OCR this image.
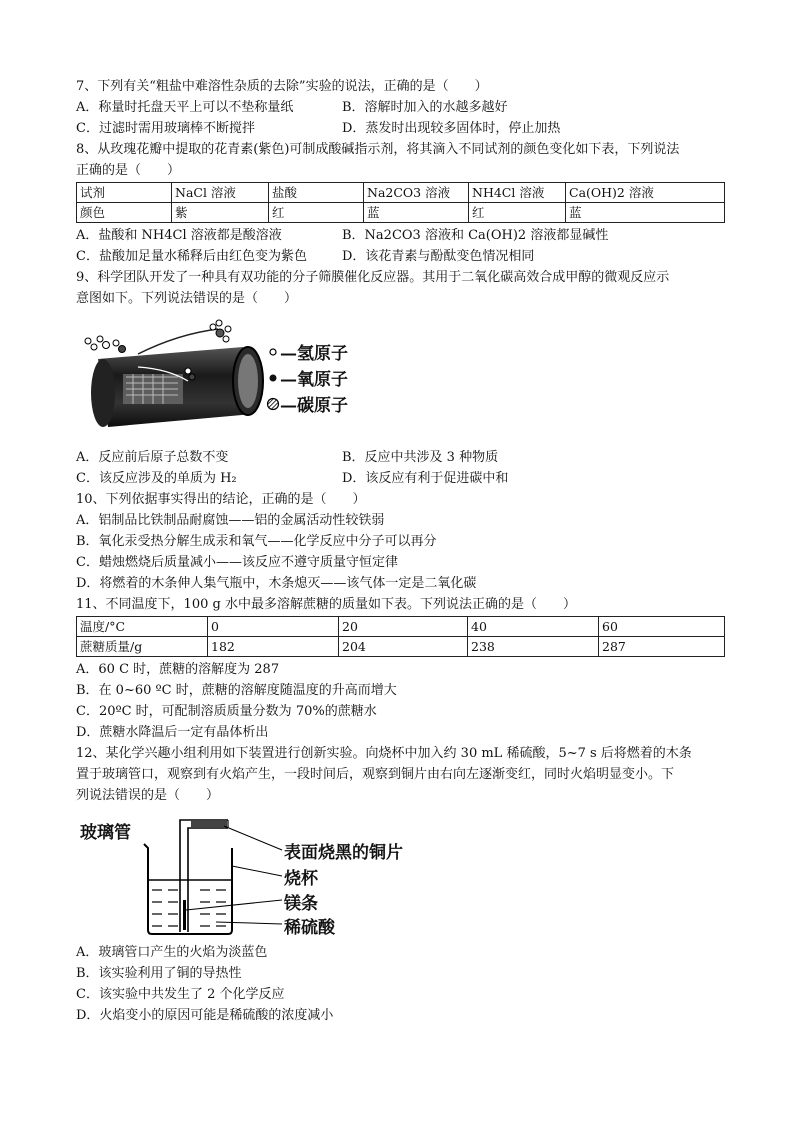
7、下列有关“粗盐中难溶性杂质的去除”实验的说法，正确的是（　　）
A．称量时托盘天平上可以不垫称量纸	B．溶解时加入的水越多越好
C．过滤时需用玻璃棒不断搅拌	D．蒸发时出现较多固体时，停止加热
8、从玫瑰花瓣中提取的花青素(紫色)可制成酸碱指示剂，将其滴入不同试剂的颜色变化如下表，下列说法
正确的是（　　）
试剂	NaCl 溶液	盐酸	Na2CO3 溶液	NH4Cl 溶液	Ca(OH)2 溶液
颜色	紫	红	蓝	红	蓝
A．盐酸和 NH4Cl 溶液都是酸溶液	B．Na2CO3 溶液和 Ca(OH)2 溶液都显碱性
C．盐酸加足量水稀释后由红色变为紫色	D．该花青素与酚酞变色情况相同
9、科学团队开发了一种具有双功能的分子筛膜催化反应器。其用于二氧化碳高效合成甲醇的微观反应示
意图如下。下列说法错误的是（　　）
—氢原子
—氧原子
—碳原子
A．反应前后原子总数不变	B．反应中共涉及 3 种物质
C．该反应涉及的单质为 H₂	D．该反应有利于促进碳中和
10、下列依据事实得出的结论，正确的是（　　）
A．铝制品比铁制品耐腐蚀——铝的金属活动性较铁弱
B．氧化汞受热分解生成汞和氧气——化学反应中分子可以再分
C．蜡烛燃烧后质量减小——该反应不遵守质量守恒定律
D．将燃着的木条伸人集气瓶中，木条熄灭——该气体一定是二氧化碳
11、不同温度下，100 g 水中最多溶解蔗糖的质量如下表。下列说法正确的是（　　）
温度/°C	0	20	40	60
蔗糖质量/g	182	204	238	287
A．60 C 时，蔗糖的溶解度为 287
B．在 0~60 ºC 时，蔗糖的溶解度随温度的升高而增大
C．20ºC 时，可配制溶质质量分数为 70%的蔗糖水
D．蔗糖水降温后一定有晶体析出
12、某化学兴趣小组利用如下装置进行创新实验。向烧杯中加入约 30 mL 稀硫酸，5~7 s 后将燃着的木条
置于玻璃管口，观察到有火焰产生，一段时间后，观察到铜片由右向左逐渐变红，同时火焰明显变小。下
列说法错误的是（　　）
玻璃管
表面烧黑的铜片
烧杯
镁条
稀硫酸
A．玻璃管口产生的火焰为淡蓝色
B．该实验利用了铜的导热性
C．该实验中共发生了 2 个化学反应
D．火焰变小的原因可能是稀硫酸的浓度减小
